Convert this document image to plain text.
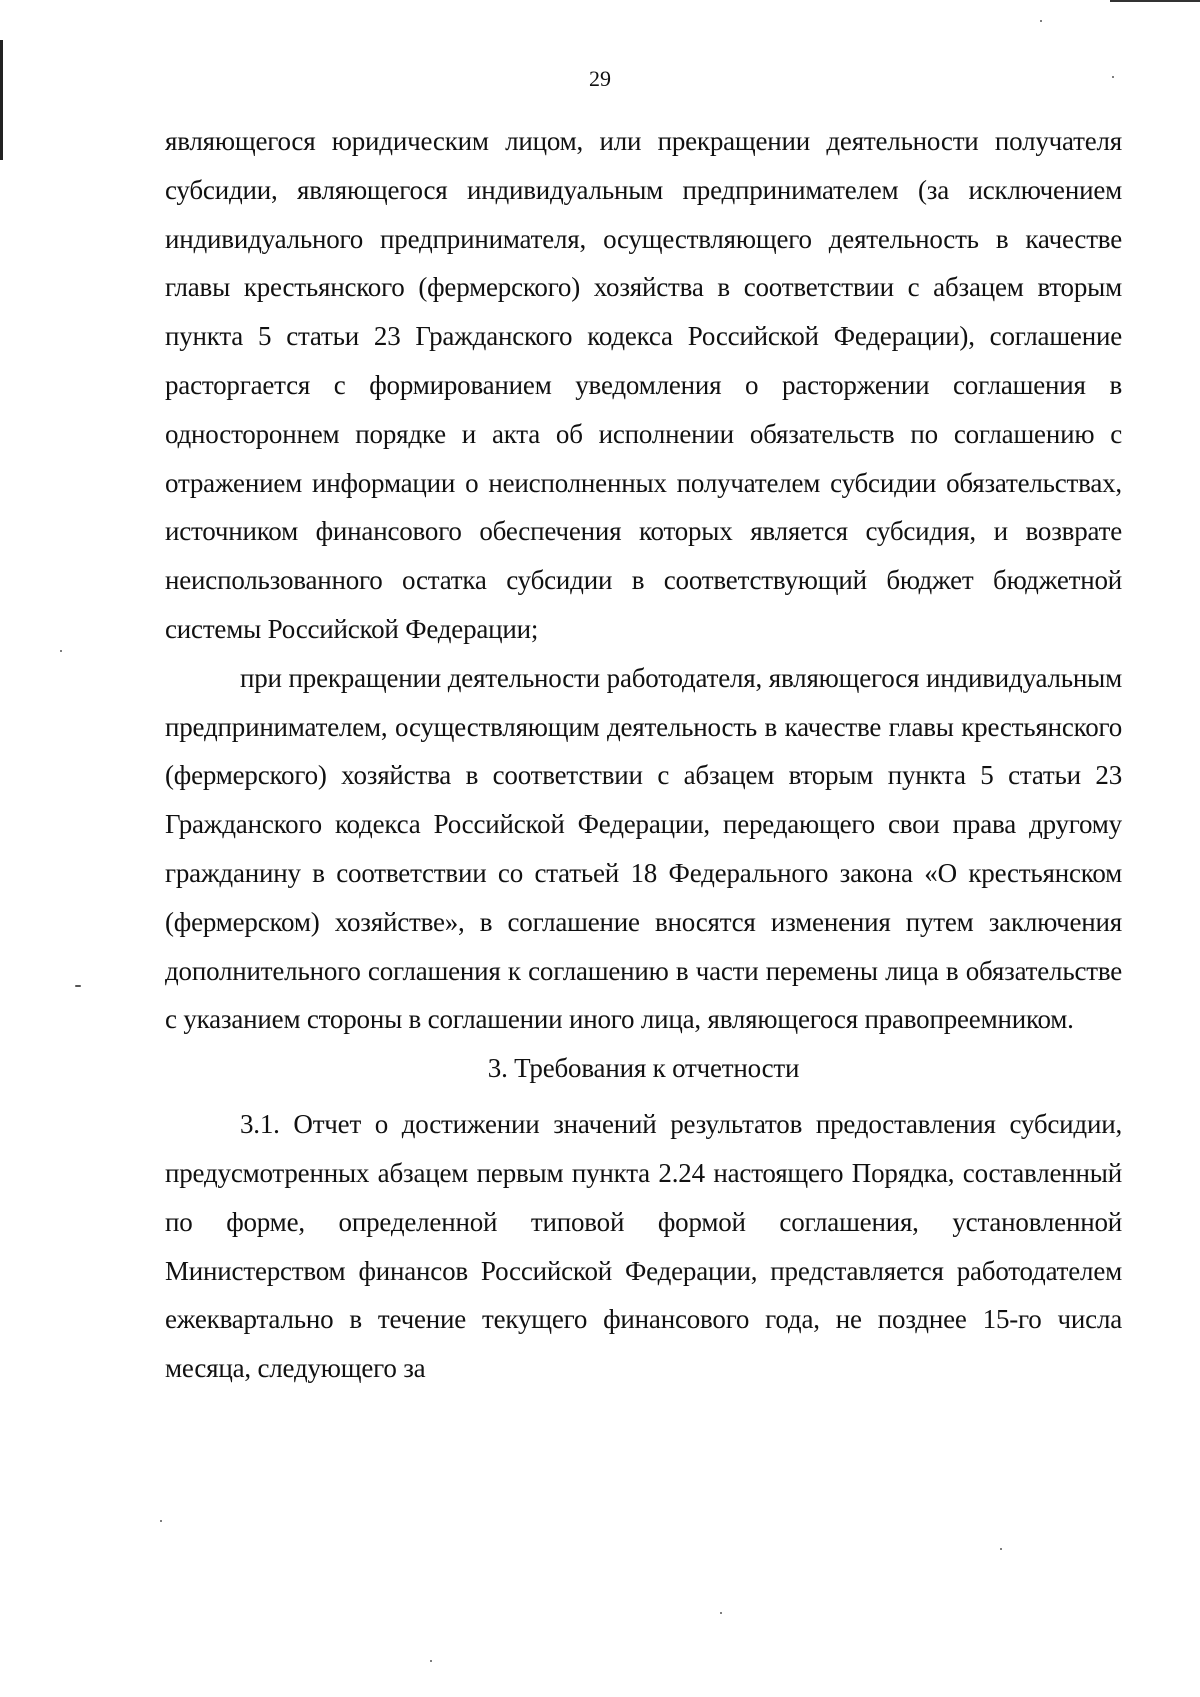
29

являющегося юридическим лицом, или прекращении деятельности получателя субсидии, являющегося индивидуальным предпринимателем (за исключением индивидуального предпринимателя, осуществляющего деятельность в качестве главы крестьянского (фермерского) хозяйства в соответствии с абзацем вторым пункта 5 статьи 23 Гражданского кодекса Российской Федерации), соглашение расторгается с формированием уведомления о расторжении соглашения в одностороннем порядке и акта об исполнении обязательств по соглашению с отражением информации о неисполненных получателем субсидии обязательствах, источником финансового обеспечения которых является субсидия, и возврате неиспользованного остатка субсидии в соответствующий бюджет бюджетной системы Российской Федерации;

при прекращении деятельности работодателя, являющегося индивидуальным предпринимателем, осуществляющим деятельность в качестве главы крестьянского (фермерского) хозяйства в соответствии с абзацем вторым пункта 5 статьи 23 Гражданского кодекса Российской Федерации, передающего свои права другому гражданину в соответствии со статьей 18 Федерального закона «О крестьянском (фермерском) хозяйстве», в соглашение вносятся изменения путем заключения дополнительного соглашения к соглашению в части перемены лица в обязательстве с указанием стороны в соглашении иного лица, являющегося правопреемником.

3. Требования к отчетности

3.1. Отчет о достижении значений результатов предоставления субсидии, предусмотренных абзацем первым пункта 2.24 настоящего Порядка, составленный по форме, определенной типовой формой соглашения, установленной Министерством финансов Российской Федерации, представляется работодателем ежеквартально в течение текущего финансового года, не позднее 15-го числа месяца, следующего за
